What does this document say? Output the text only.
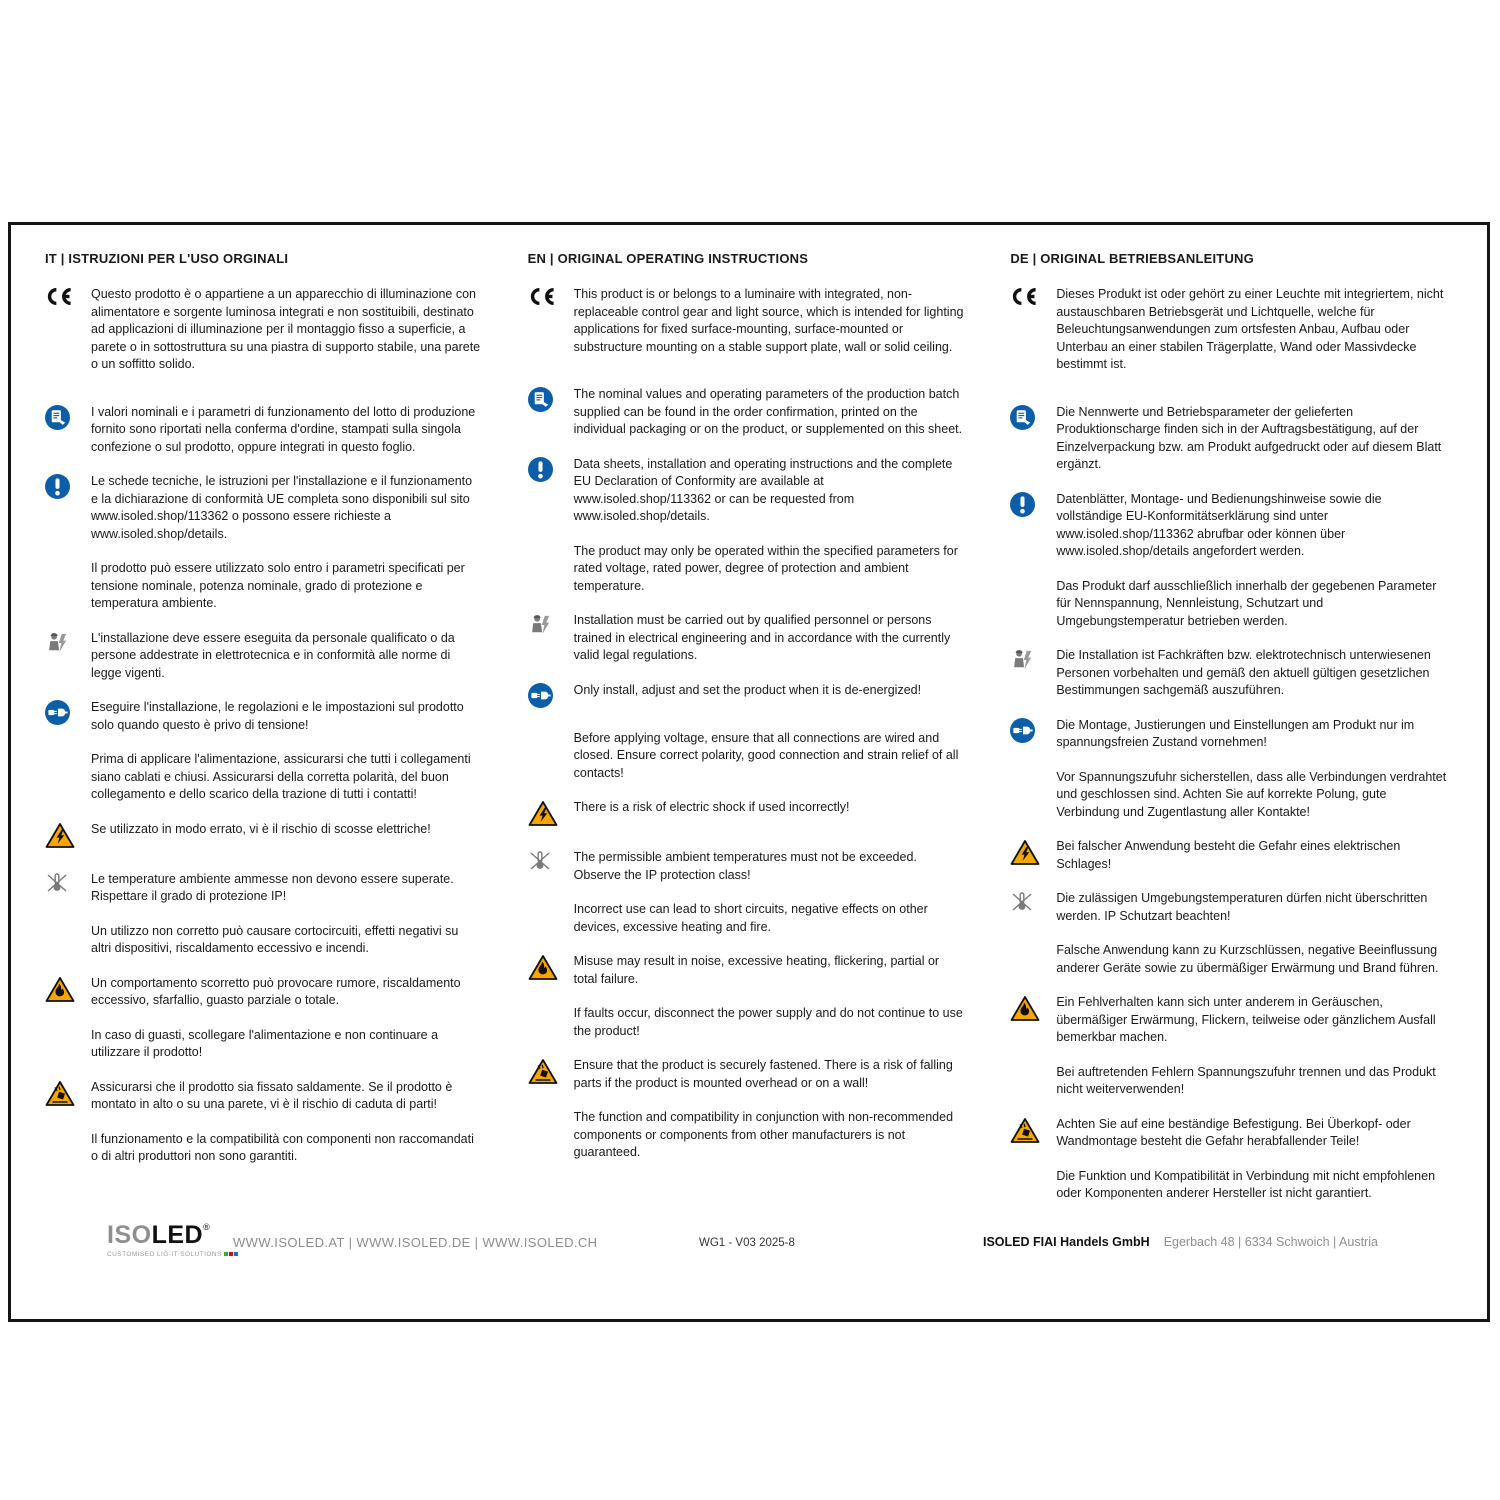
IT | ISTRUZIONI PER L'USO ORGINALI

Questo prodotto è o appartiene a un apparecchio di illuminazione con alimentatore e sorgente luminosa integrati e non sostituibili, destinato ad applicazioni di illuminazione per il montaggio fisso a superficie, a parete o in sottostruttura su una piastra di supporto stabile, una parete o un soffitto solido.

I valori nominali e i parametri di funzionamento del lotto di produzione fornito sono riportati nella conferma d'ordine, stampati sulla singola confezione o sul prodotto, oppure integrati in questo foglio.

Le schede tecniche, le istruzioni per l'installazione e il funzionamento e la dichiarazione di conformità UE completa sono disponibili sul sito www.isoled.shop/113362 o possono essere richieste a www.isoled.shop/details.

Il prodotto può essere utilizzato solo entro i parametri specificati per tensione nominale, potenza nominale, grado di protezione e temperatura ambiente.

L'installazione deve essere eseguita da personale qualificato o da persone addestrate in elettrotecnica e in conformità alle norme di legge vigenti.

Eseguire l'installazione, le regolazioni e le impostazioni sul prodotto solo quando questo è privo di tensione!

Prima di applicare l'alimentazione, assicurarsi che tutti i collegamenti siano cablati e chiusi. Assicurarsi della corretta polarità, del buon collegamento e dello scarico della trazione di tutti i contatti!

Se utilizzato in modo errato, vi è il rischio di scosse elettriche!

Le temperature ambiente ammesse non devono essere superate. Rispettare il grado di protezione IP!

Un utilizzo non corretto può causare cortocircuiti, effetti negativi su altri dispositivi, riscaldamento eccessivo e incendi.

Un comportamento scorretto può provocare rumore, riscaldamento eccessivo, sfarfallio, guasto parziale o totale.

In caso di guasti, scollegare l'alimentazione e non continuare a utilizzare il prodotto!

Assicurarsi che il prodotto sia fissato saldamente. Se il prodotto è montato in alto o su una parete, vi è il rischio di caduta di parti!

Il funzionamento e la compatibilità con componenti non raccomandati o di altri produttori non sono garantiti.

EN | ORIGINAL OPERATING INSTRUCTIONS

This product is or belongs to a luminaire with integrated, non-replaceable control gear and light source, which is intended for lighting applications for fixed surface-mounting, surface-mounted or substructure mounting on a stable support plate, wall or solid ceiling.

The nominal values and operating parameters of the production batch supplied can be found in the order confirmation, printed on the individual packaging or on the product, or supplemented on this sheet.

Data sheets, installation and operating instructions and the complete EU Declaration of Conformity are available at www.isoled.shop/113362 or can be requested from www.isoled.shop/details.

The product may only be operated within the specified parameters for rated voltage, rated power, degree of protection and ambient temperature.

Installation must be carried out by qualified personnel or persons trained in electrical engineering and in accordance with the currently valid legal regulations.

Only install, adjust and set the product when it is de-energized!

Before applying voltage, ensure that all connections are wired and closed. Ensure correct polarity, good connection and strain relief of all contacts!

There is a risk of electric shock if used incorrectly!

The permissible ambient temperatures must not be exceeded. Observe the IP protection class!

Incorrect use can lead to short circuits, negative effects on other devices, excessive heating and fire.

Misuse may result in noise, excessive heating, flickering, partial or total failure.

If faults occur, disconnect the power supply and do not continue to use the product!

Ensure that the product is securely fastened. There is a risk of falling parts if the product is mounted overhead or on a wall!

The function and compatibility in conjunction with non-recommended components or components from other manufacturers is not guaranteed.

DE | ORIGINAL BETRIEBSANLEITUNG

Dieses Produkt ist oder gehört zu einer Leuchte mit integriertem, nicht austauschbaren Betriebsgerät und Lichtquelle, welche für Beleuchtungsanwendungen zum ortsfesten Anbau, Aufbau oder Unterbau an einer stabilen Trägerplatte, Wand oder Massivdecke bestimmt ist.

Die Nennwerte und Betriebsparameter der gelieferten Produktionscharge finden sich in der Auftragsbestätigung, auf der Einzelverpackung bzw. am Produkt aufgedruckt oder auf diesem Blatt ergänzt.

Datenblätter, Montage- und Bedienungshinweise sowie die vollständige EU-Konformitätserklärung sind unter www.isoled.shop/113362 abrufbar oder können über www.isoled.shop/details angefordert werden.

Das Produkt darf ausschließlich innerhalb der gegebenen Parameter für Nennspannung, Nennleistung, Schutzart und Umgebungstemperatur betrieben werden.

Die Installation ist Fachkräften bzw. elektrotechnisch unterwiesenen Personen vorbehalten und gemäß den aktuell gültigen gesetzlichen Bestimmungen sachgemäß auszuführen.

Die Montage, Justierungen und Einstellungen am Produkt nur im spannungsfreien Zustand vornehmen!

Vor Spannungszufuhr sicherstellen, dass alle Verbindungen verdrahtet und geschlossen sind. Achten Sie auf korrekte Polung, gute Verbindung und Zugentlastung aller Kontakte!

Bei falscher Anwendung besteht die Gefahr eines elektrischen Schlages!

Die zulässigen Umgebungstemperaturen dürfen nicht überschritten werden. IP Schutzart beachten!

Falsche Anwendung kann zu Kurzschlüssen, negative Beeinflussung anderer Geräte sowie zu übermäßiger Erwärmung und Brand führen.

Ein Fehlverhalten kann sich unter anderem in Geräuschen, übermäßiger Erwärmung, Flickern, teilweise oder gänzlichem Ausfall bemerkbar machen.

Bei auftretenden Fehlern Spannungszufuhr trennen und das Produkt nicht weiterverwenden!

Achten Sie auf eine beständige Befestigung. Bei Überkopf- oder Wandmontage besteht die Gefahr herabfallender Teile!

Die Funktion und Kompatibilität in Verbindung mit nicht empfohlenen oder Komponenten anderer Hersteller ist nicht garantiert.

ISOLED®
CUSTOMISED LIG-IT SOLUTIONS
WWW.ISOLED.AT | WWW.ISOLED.DE | WWW.ISOLED.CH	WG1 - V03 2025-8	ISOLED FIAI Handels GmbH Egerbach 48 | 6334 Schwoich | Austria
